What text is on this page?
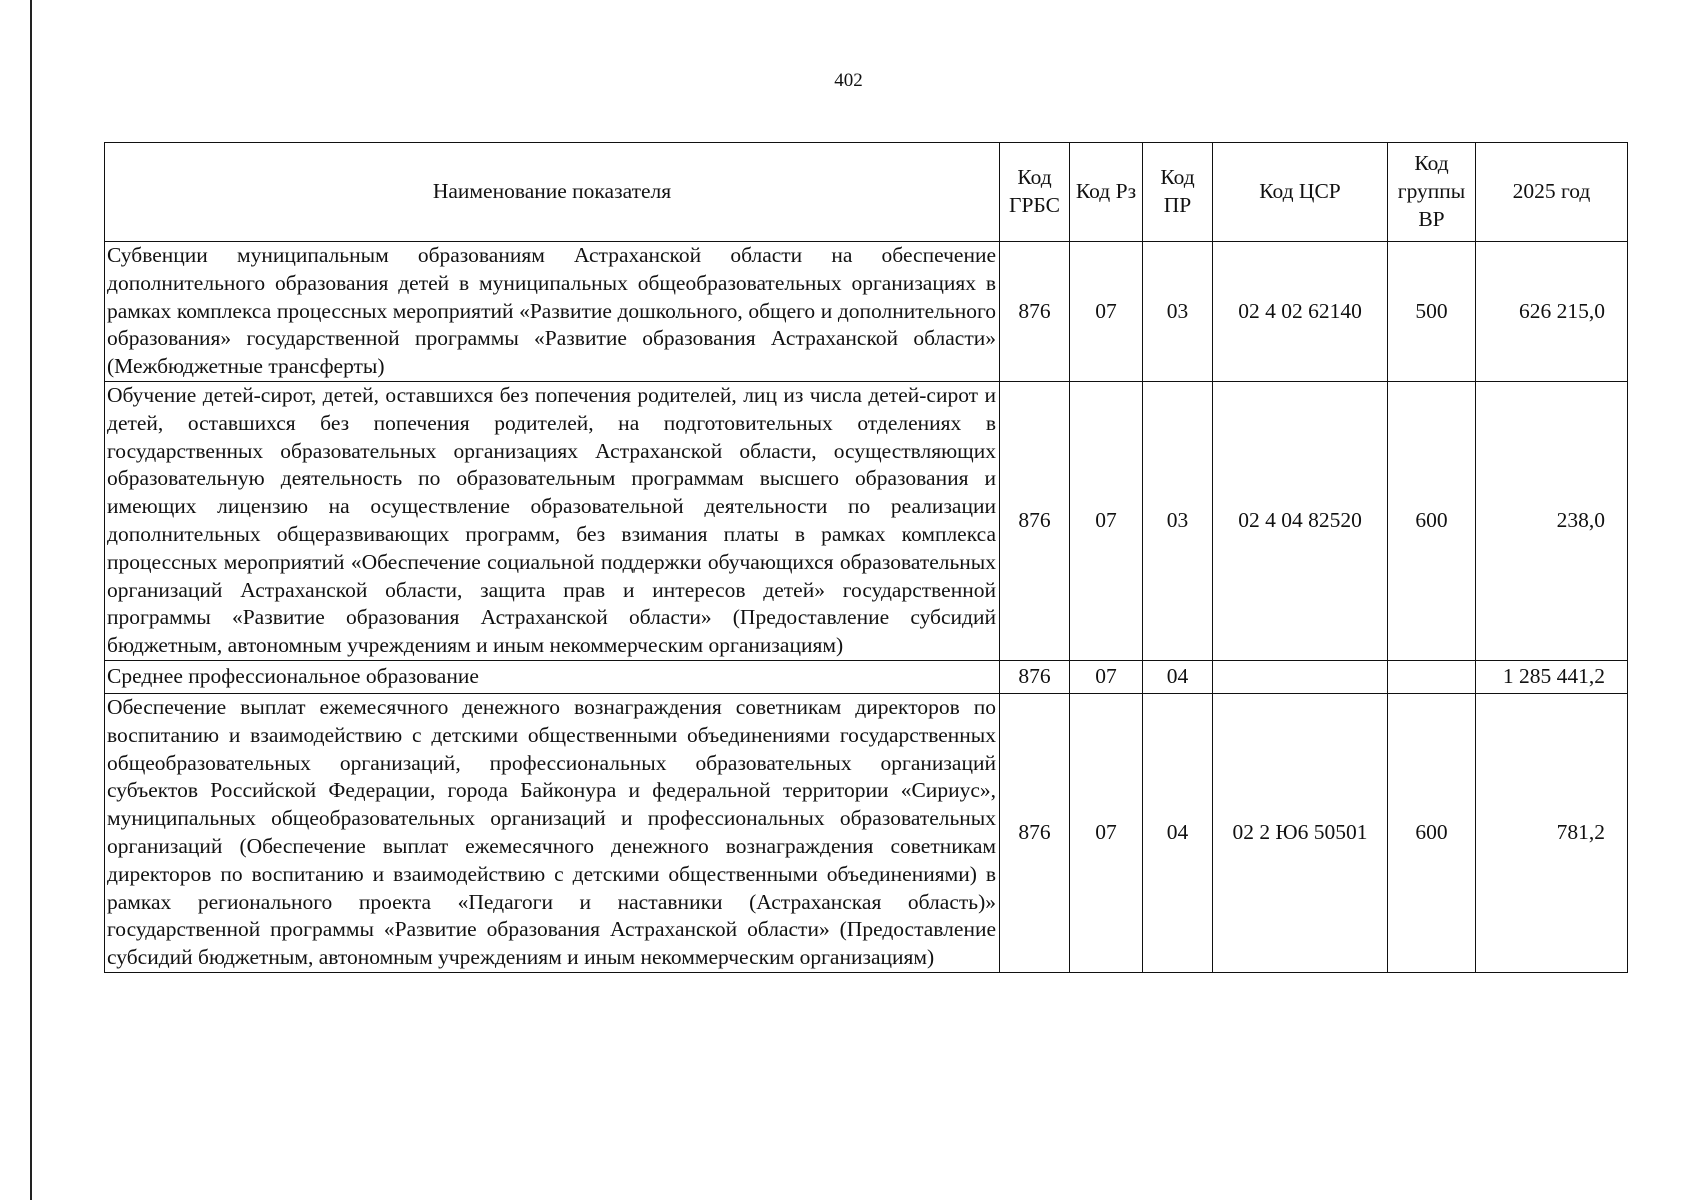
402
Наименование показателя	Код ГРБС	Код Рз	Код ПР	Код ЦСР	Код группы ВР	2025 год
Субвенции муниципальным образованиям Астраханской области на обеспечение дополнительного образования детей в муниципальных общеобразовательных организациях в рамках комплекса процессных мероприятий «Развитие дошкольного, общего и дополнительного образования» государственной программы «Развитие образования Астраханской области» (Межбюджетные трансферты)	876	07	03	02 4 02 62140	500	626 215,0
Обучение детей-сирот, детей, оставшихся без попечения родителей, лиц из числа детей-сирот и детей, оставшихся без попечения родителей, на подготовительных отделениях в государственных образовательных организациях Астраханской области, осуществляющих образовательную деятельность по образовательным программам высшего образования и имеющих лицензию на осуществление образовательной деятельности по реализации дополнительных общеразвивающих программ, без взимания платы в рамках комплекса процессных мероприятий «Обеспечение социальной поддержки обучающихся образовательных организаций Астраханской области, защита прав и интересов детей» государственной программы «Развитие образования Астраханской области» (Предоставление субсидий бюджетным, автономным учреждениям и иным некоммерческим организациям)	876	07	03	02 4 04 82520	600	238,0
Среднее профессиональное образование	876	07	04			1 285 441,2
Обеспечение выплат ежемесячного денежного вознаграждения советникам директоров по воспитанию и взаимодействию с детскими общественными объединениями государственных общеобразовательных организаций, профессиональных образовательных организаций субъектов Российской Федерации, города Байконура и федеральной территории «Сириус», муниципальных общеобразовательных организаций и профессиональных образовательных организаций (Обеспечение выплат ежемесячного денежного вознаграждения советникам директоров по воспитанию и взаимодействию с детскими общественными объединениями) в рамках регионального проекта «Педагоги и наставники (Астраханская область)» государственной программы «Развитие образования Астраханской области» (Предоставление субсидий бюджетным, автономным учреждениям и иным некоммерческим организациям)	876	07	04	02 2 Ю6 50501	600	781,2
